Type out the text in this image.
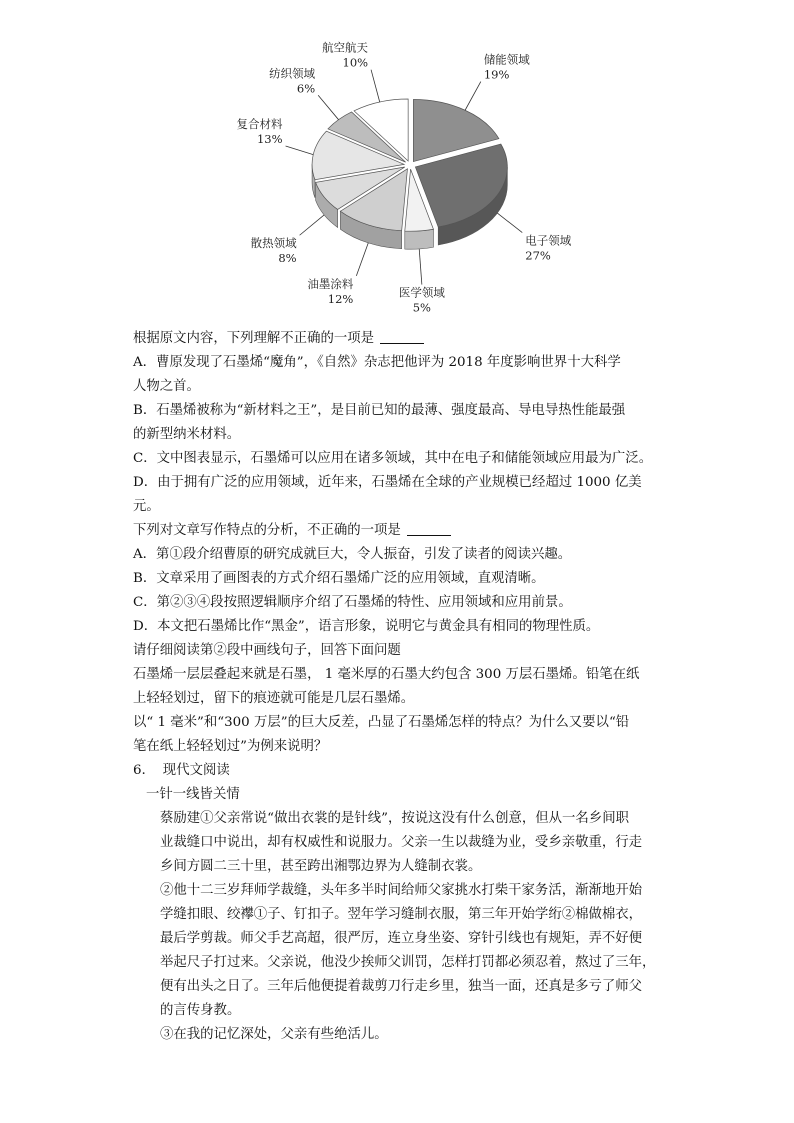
储能领域
19%
电子领域
27%
医学领域
5%
油墨涂料
12%
散热领域
8%
复合材料
13%
纺织领域
6%
航空航天
10%
根据原文内容，下列理解不正确的一项是
A．曹原发现了石墨烯“魔角”，《自然》杂志把他评为 2018 年度影响世界十大科学
人物之首。
B．石墨烯被称为“新材料之王”，是目前已知的最薄、强度最高、导电导热性能最强
的新型纳米材料。
C．文中图表显示，石墨烯可以应用在诸多领域，其中在电子和储能领域应用最为广泛。
D．由于拥有广泛的应用领域，近年来，石墨烯在全球的产业规模已经超过 1000 亿美
元。
下列对文章写作特点的分析，不正确的一项是
A．第①段介绍曹原的研究成就巨大，令人振奋，引发了读者的阅读兴趣。
B．文章采用了画图表的方式介绍石墨烯广泛的应用领域，直观清晰。
C．第②③④段按照逻辑顺序介绍了石墨烯的特性、应用领域和应用前景。
D．本文把石墨烯比作“黑金”，语言形象，说明它与黄金具有相同的物理性质。
请仔细阅读第②段中画线句子，回答下面问题
石墨烯一层层叠起来就是石墨， 1 毫米厚的石墨大约包含 300 万层石墨烯。铅笔在纸
上轻轻划过，留下的痕迹就可能是几层石墨烯。
以“ 1 毫米”和“300 万层”的巨大反差，凸显了石墨烯怎样的特点？为什么又要以“铅
笔在纸上轻轻划过”为例来说明？
6.    现代文阅读
一针一线皆关情
蔡励建①父亲常说“做出衣裳的是针线”，按说这没有什么创意，但从一名乡间职
业裁缝口中说出，却有权威性和说服力。父亲一生以裁缝为业，受乡亲敬重，行走
乡间方圆二三十里，甚至跨出湘鄂边界为人缝制衣裳。
②他十二三岁拜师学裁缝，头年多半时间给师父家挑水打柴干家务活，渐渐地开始
学缝扣眼、绞襻①子、钉扣子。翌年学习缝制衣服，第三年开始学绗②棉做棉衣，
最后学剪裁。师父手艺高超，很严厉，连立身坐姿、穿针引线也有规矩，弄不好便
举起尺子打过来。父亲说，他没少挨师父训罚，怎样打罚都必须忍着，熬过了三年，
便有出头之日了。三年后他便提着裁剪刀行走乡里，独当一面，还真是多亏了师父
的言传身教。
③在我的记忆深处，父亲有些绝活儿。
